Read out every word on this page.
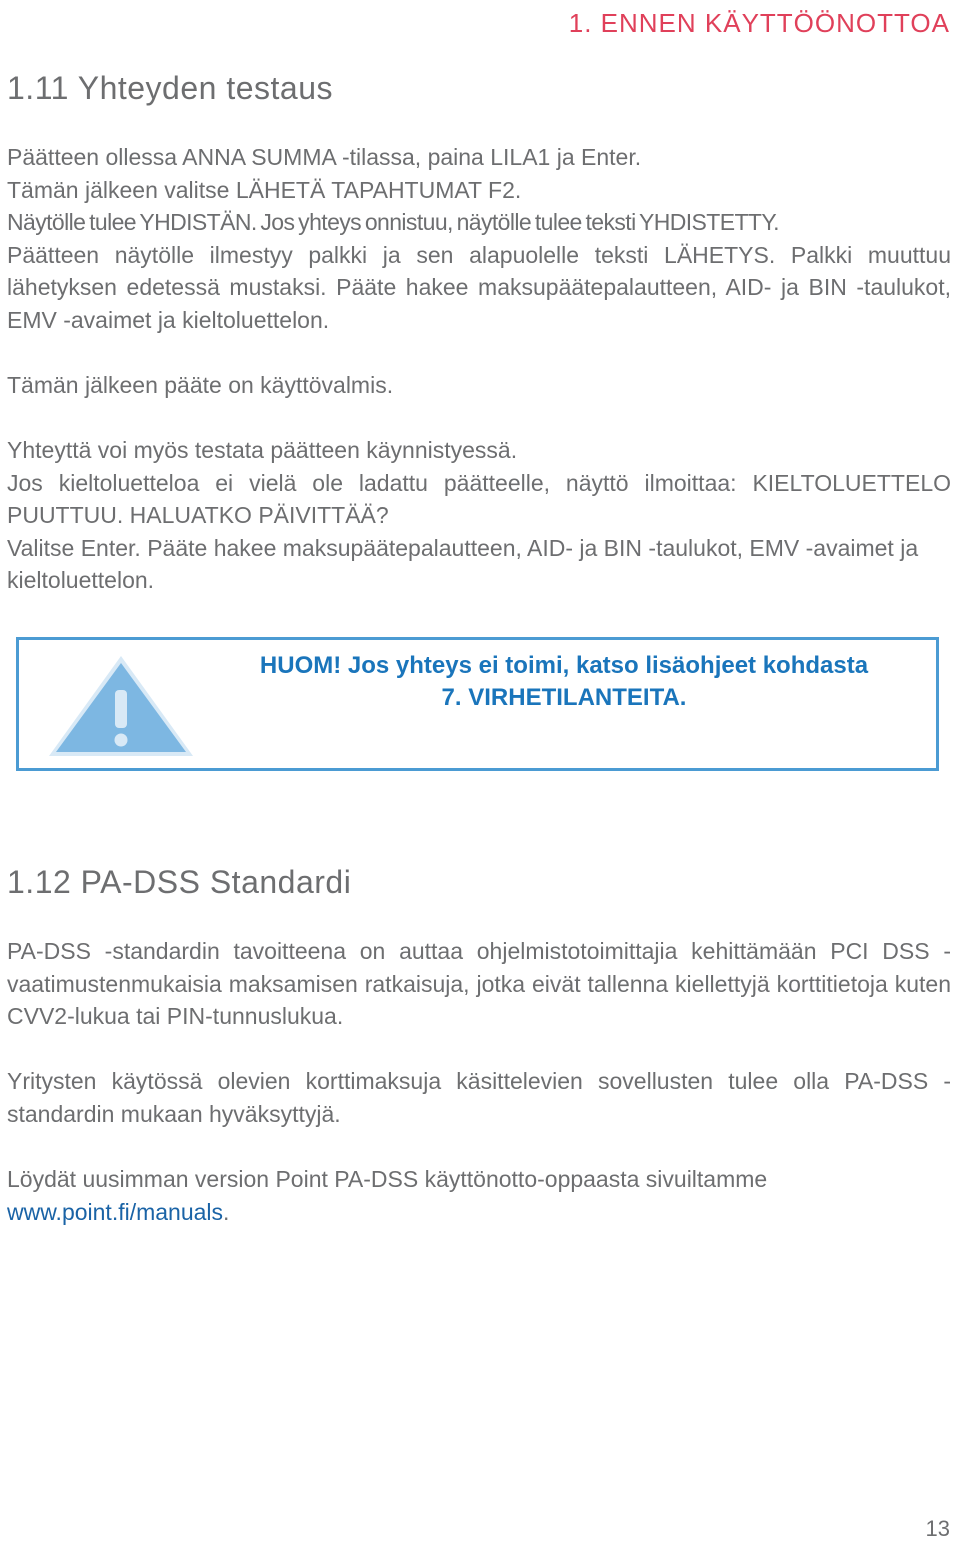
1. ENNEN KÄYTTÖÖNOTTOA
1.11 Yhteyden testaus

Päätteen ollessa ANNA SUMMA -tilassa, paina LILA1 ja Enter.

Tämän jälkeen valitse LÄHETÄ TAPAHTUMAT F2.

Näytölle tulee YHDISTÄN. Jos yhteys onnistuu, näytölle tulee teksti YHDISTETTY.

Päätteen näytölle ilmestyy palkki ja sen alapuolelle teksti LÄHETYS. Palkki muuttuu lähetyksen edetessä mustaksi. Pääte hakee maksupäätepalautteen, AID- ja BIN -taulukot, EMV -avaimet ja kieltoluettelon.

Tämän jälkeen pääte on käyttövalmis.

Yhteyttä voi myös testata päätteen käynnistyessä.

Jos kieltoluetteloa ei vielä ole ladattu päätteelle, näyttö ilmoittaa: KIELTOLUETTELO PUUTTUU. HALUATKO PÄIVITTÄÄ?

Valitse Enter. Pääte hakee maksupäätepalautteen, AID- ja BIN -taulukot, EMV -avaimet ja kieltoluettelon.

HUOM! Jos yhteys ei toimi, katso lisäohjeet kohdasta
7. VIRHETILANTEITA.
1.12 PA-DSS Standardi

PA-DSS -standardin tavoitteena on auttaa ohjelmistotoimittajia kehittämään PCI DSS -vaatimustenmukaisia maksamisen ratkaisuja, jotka eivät tallenna kiellettyjä korttitietoja kuten CVV2-lukua tai PIN-tunnuslukua.

Yritysten käytössä olevien korttimaksuja käsittelevien sovellusten tulee olla PA-DSS -standardin mukaan hyväksyttyjä.

Löydät uusimman version Point PA-DSS käyttönotto-oppaasta sivuiltamme
www.point.fi/manuals.

13
